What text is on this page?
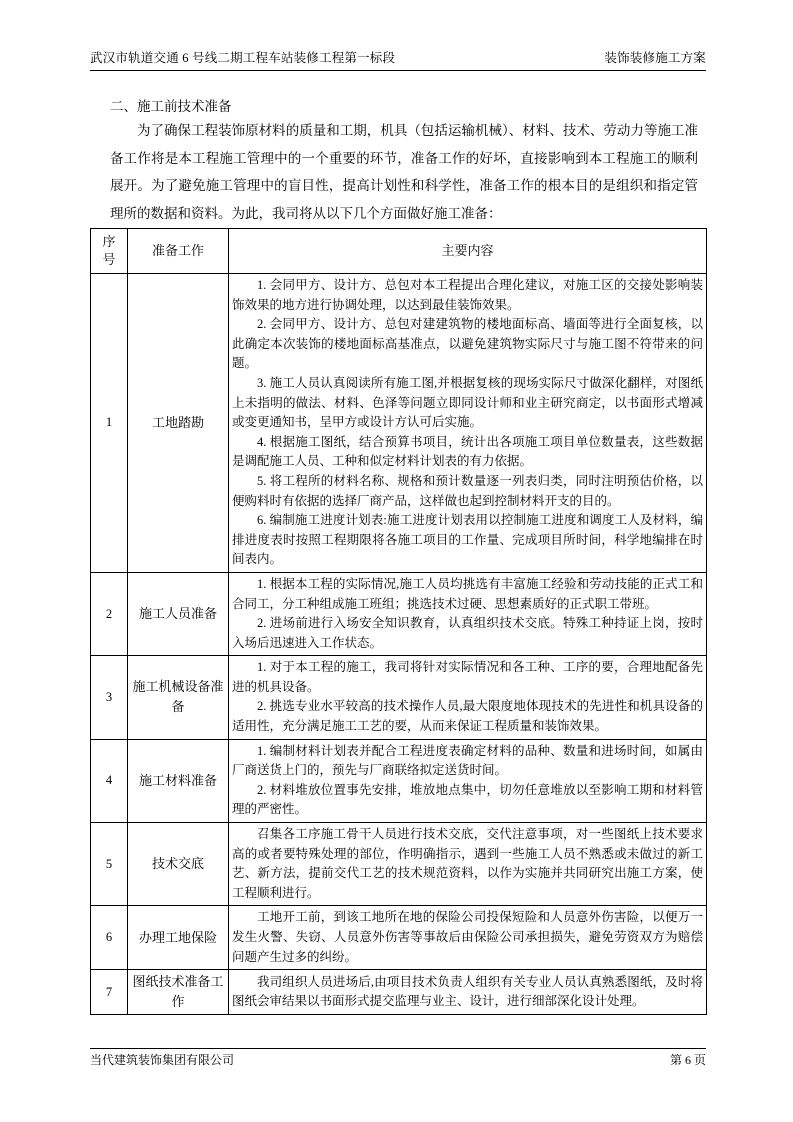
武汉市轨道交通 6 号线二期工程车站装修工程第一标段	装饰装修施工方案
二、施工前技术准备
为了确保工程装饰原材料的质量和工期，机具（包括运输机械）、材料、技术、劳动力等施工准备工作将是本工程施工管理中的一个重要的环节，准备工作的好坏，直接影响到本工程施工的顺利展开。为了避免施工管理中的盲目性，提高计划性和科学性，准备工作的根本目的是组织和指定管理所的数据和资料。为此，我司将从以下几个方面做好施工准备：
序
号	准备工作	主要内容
1	工地踏勘	

1. 会同甲方、设计方、总包对本工程提出合理化建议，对施工区的交接处影响装饰效果的地方进行协调处理，以达到最佳装饰效果。

2. 会同甲方、设计方、总包对建建筑物的楼地面标高、墙面等进行全面复核，以此确定本次装饰的楼地面标高基准点，以避免建筑物实际尺寸与施工图不符带来的问题。

3. 施工人员认真阅读所有施工图,并根据复核的现场实际尺寸做深化翻样，对图纸上未指明的做法、材料、色泽等问题立即同设计师和业主研究商定，以书面形式增减或变更通知书，呈甲方或设计方认可后实施。

4. 根据施工图纸，结合预算书项目，统计出各项施工项目单位数量表，这些数据是调配施工人员、工种和似定材料计划表的有力依据。

5. 将工程所的材料名称、规格和预计数量逐一列表归类，同时注明预估价格，以便购料时有依据的选择厂商产品，这样做也起到控制材料开支的目的。

6. 编制施工进度计划表:施工进度计划表用以控制施工进度和调度工人及材料，编排进度表时按照工程期限将各施工项目的工作量、完成项目所时间，科学地编排在时间表内。

2	施工人员准备	1. 根据本工程的实际情况,施工人员均挑选有丰富施工经验和劳动技能的正式工和合同工，分工种组成施工班组；挑选技术过硬、思想素质好的正式职工带班。

2. 进场前进行入场安全知识教育，认真组织技术交底。特殊工种持证上岗，按时入场后迅速进入工作状态。

3	施工机械设备准备	1. 对于本工程的施工，我司将针对实际情况和各工种、工序的要，合理地配备先进的机具设备。

2. 挑选专业水平较高的技术操作人员,最大限度地体现技术的先进性和机具设备的适用性，充分满足施工工艺的要，从而来保证工程质量和装饰效果。

4	施工材料准备	1. 编制材料计划表并配合工程进度表确定材料的品种、数量和进场时间，如属由厂商送货上门的，预先与厂商联络拟定送货时间。

2. 材料堆放位置事先安排，堆放地点集中，切勿任意堆放以至影响工期和材料管理的严密性。

5	技术交底	召集各工序施工骨干人员进行技术交底，交代注意事项，对一些图纸上技术要求高的或者要特殊处理的部位，作明确指示，遇到一些施工人员不熟悉或未做过的新工艺、新方法，提前交代工艺的技术规范资料，以作为实施并共同研究出施工方案，使工程顺利进行。

6	办理工地保险	工地开工前，到该工地所在地的保险公司投保短险和人员意外伤害险，以便万一发生火警、失窃、人员意外伤害等事故后由保险公司承担损失，避免劳资双方为赔偿问题产生过多的纠纷。

7	图纸技术准备工作	我司组织人员进场后,由项目技术负责人组织有关专业人员认真熟悉图纸，及时将图纸会审结果以书面形式提交监理与业主、设计，进行细部深化设计处理。

当代建筑装饰集团有限公司	第 6 页
